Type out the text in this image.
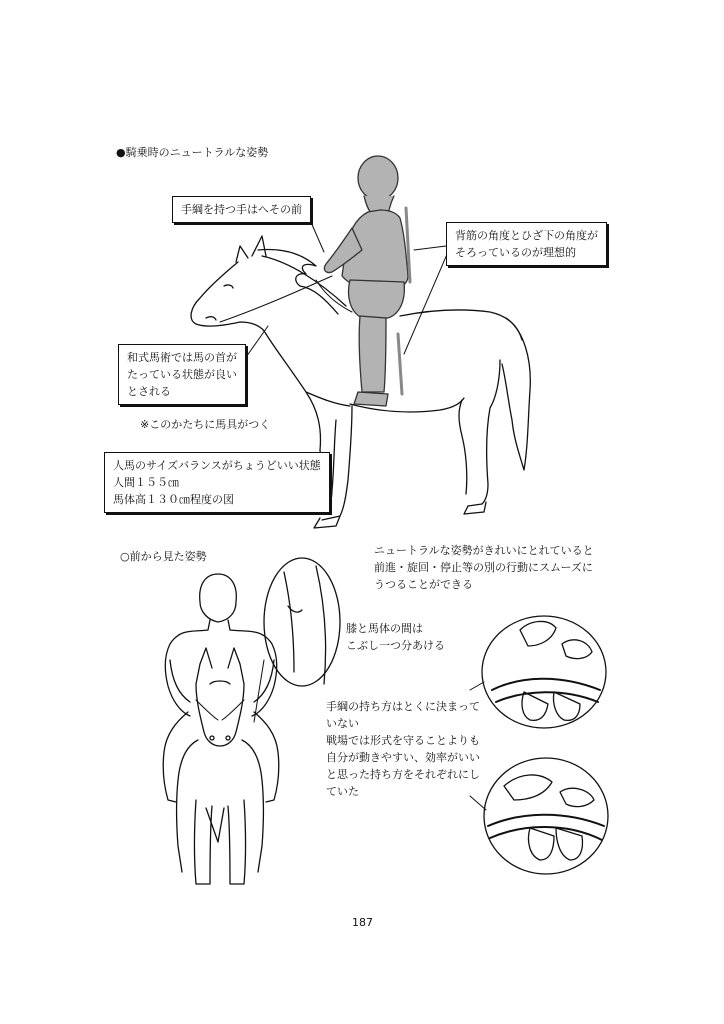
●騎乗時のニュートラルな姿勢
手綱を持つ手はへその前
背筋の角度とひざ下の角度が
そろっているのが理想的
和式馬術では馬の首が
たっている状態が良い
とされる
※このかたちに馬具がつく
人馬のサイズバランスがちょうどいい状態
人間１５５㎝
馬体高１３０㎝程度の図
○前から見た姿勢	ニュートラルな姿勢がきれいにとれていると
前進・旋回・停止等の別の行動にスムーズに
うつることができる
膝と馬体の間は
こぶし一つ分あける
手綱の持ち方はとくに決まって
いない
戦場では形式を守ることよりも
自分が動きやすい、効率がいい
と思った持ち方をそれぞれにし
ていた
187
